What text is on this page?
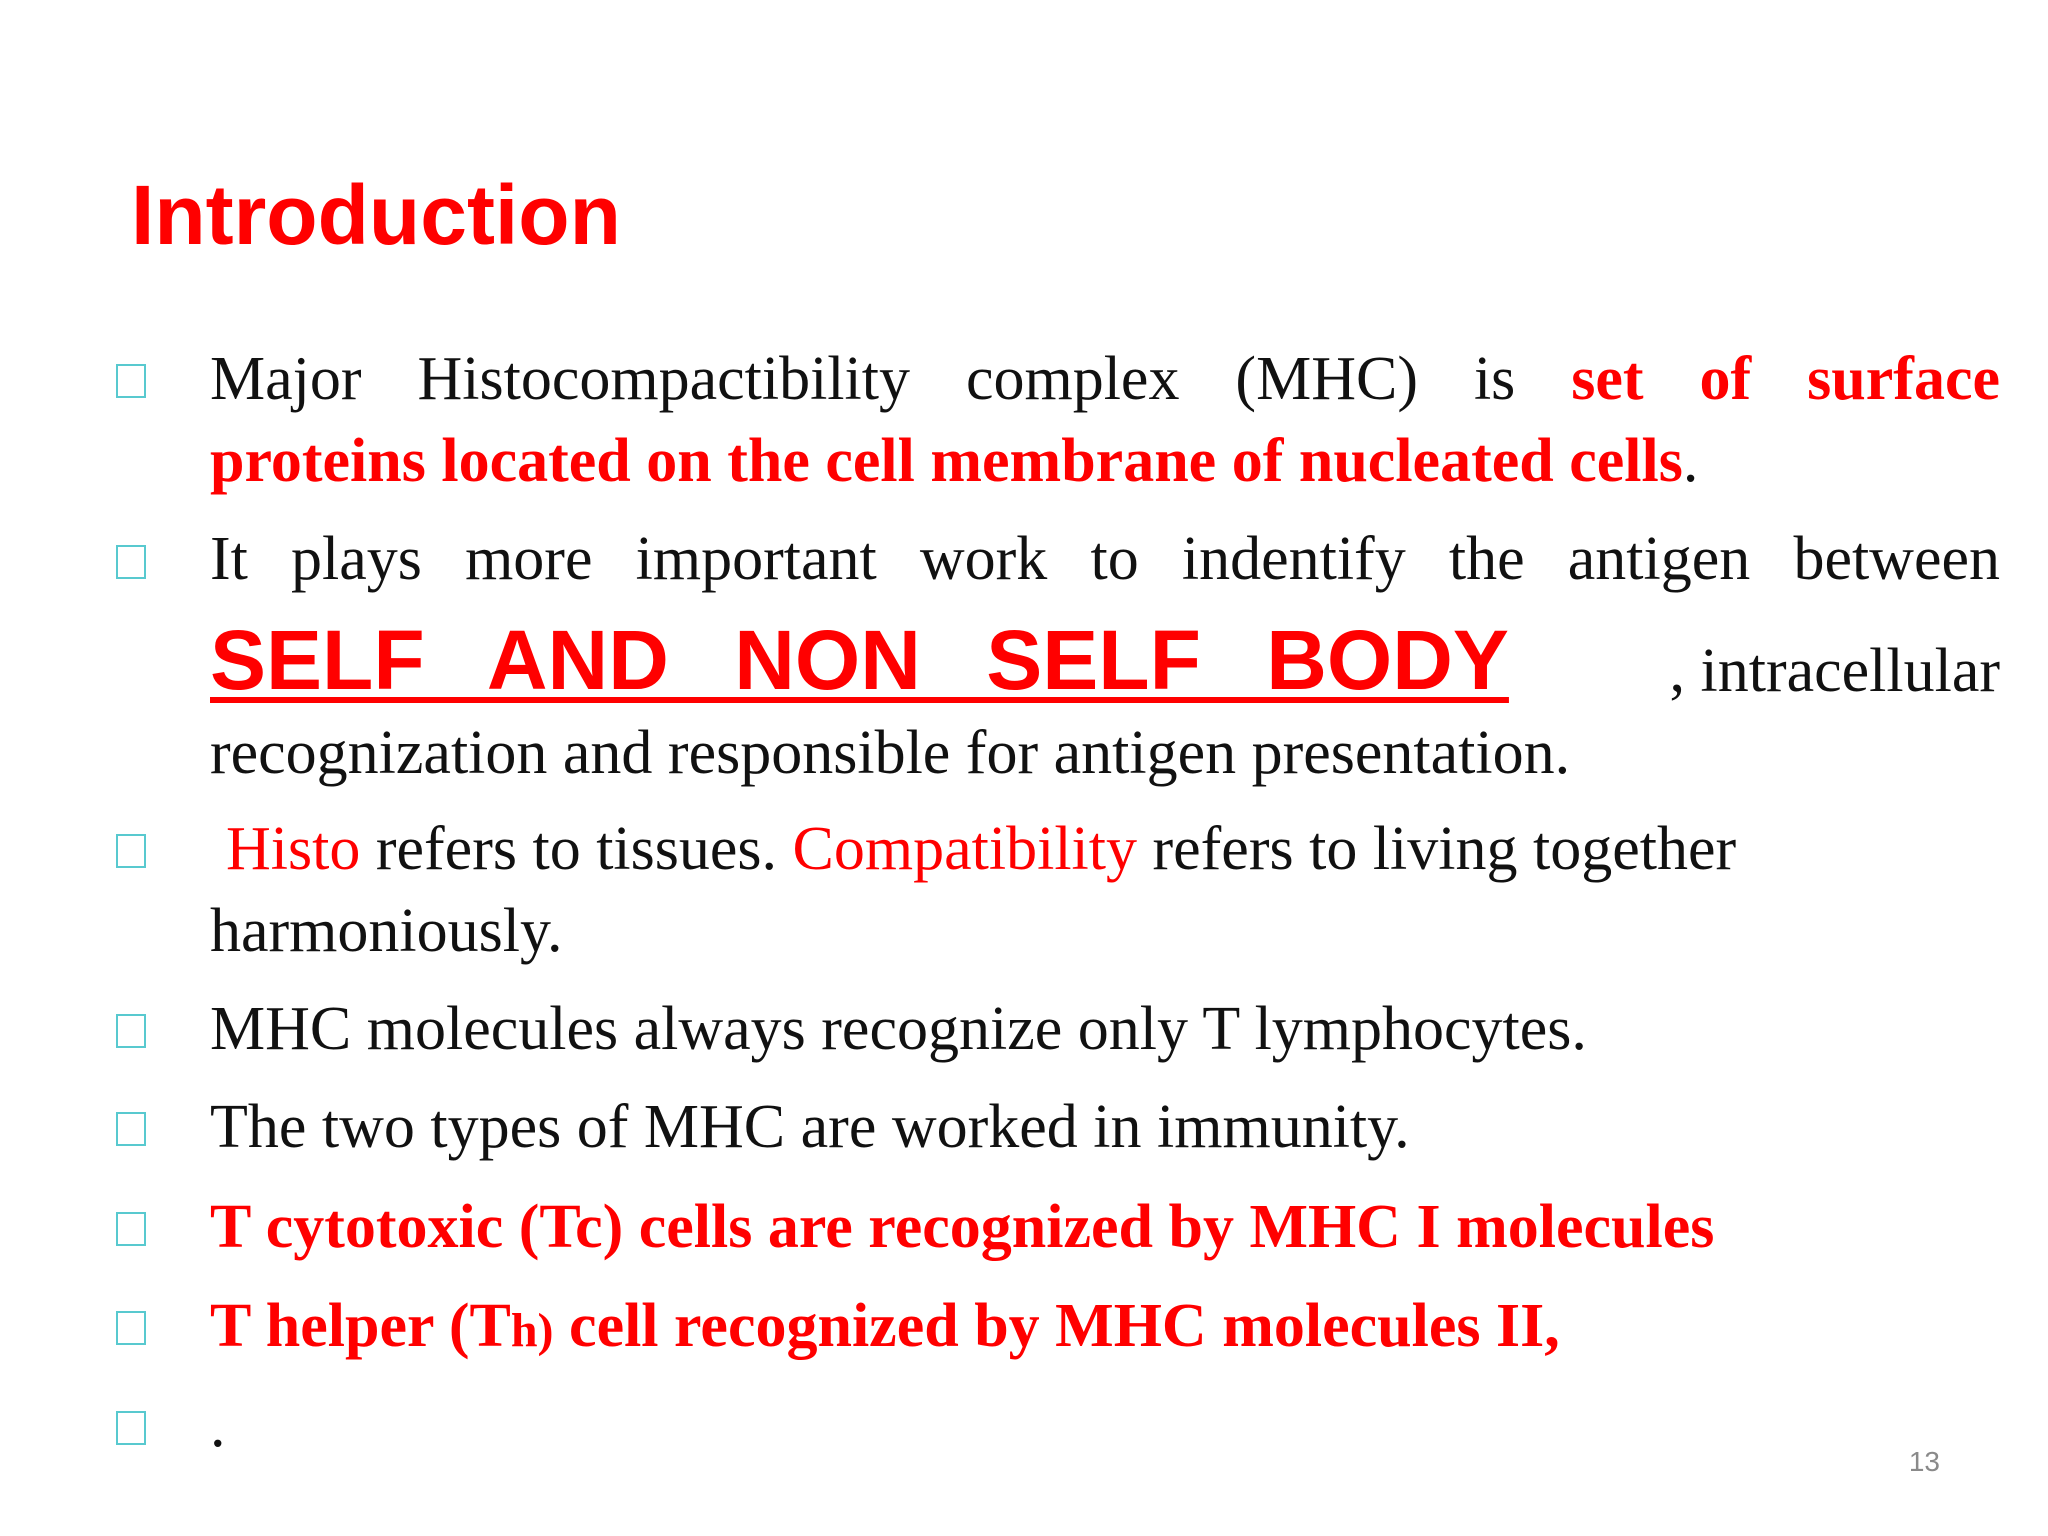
Introduction
Major Histocompactibility complex (MHC) is set of surface
proteins located on the cell membrane of nucleated cells.
It plays more important work to indentify the antigen between
SELF AND NON SELF BODY	, intracellular
recognization and responsible for antigen presentation.
Histo refers to tissues. Compatibility refers to living together
harmoniously.
MHC molecules always recognize only T lymphocytes.
The two types of MHC are worked in immunity.
T cytotoxic (Tc) cells are recognized by MHC I molecules
T helper (Th) cell recognized by MHC molecules II,
.
13
